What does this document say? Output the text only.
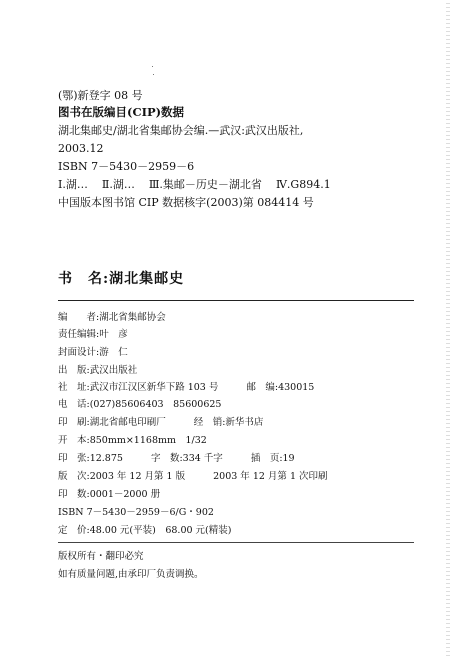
(鄂)新登字 08 号
图书在版编目(CIP)数据
湖北集邮史/湖北省集邮协会编.—武汉:武汉出版社,
2003.12
ISBN 7－5430－2959－6
Ⅰ.湖… Ⅱ.湖… Ⅲ.集邮－历史－湖北省 Ⅳ.G894.1
中国版本图书馆 CIP 数据核字(2003)第 084414 号
书　名:湖北集邮史
编　　者:湖北省集邮协会
责任编辑:叶　彦
封面设计:游　仁
出　版:武汉出版社
社　址:武汉市江汉区新华下路 103 号	邮　编:430015
电　话:(027)85606403　85600625
印　刷:湖北省邮电印刷厂	经　销:新华书店
开　本:850mm×1168mm　1/32
印　张:12.875	字　数:334 千字	插　页:19
版　次:2003 年 12 月第 1 版	2003 年 12 月第 1 次印刷
印　数:0001－2000 册
ISBN 7－5430－2959－6/G・902
定　价:48.00 元(平装)　68.00 元(精装)
版权所有・翻印必究
如有质量问题,由承印厂负责调换。
